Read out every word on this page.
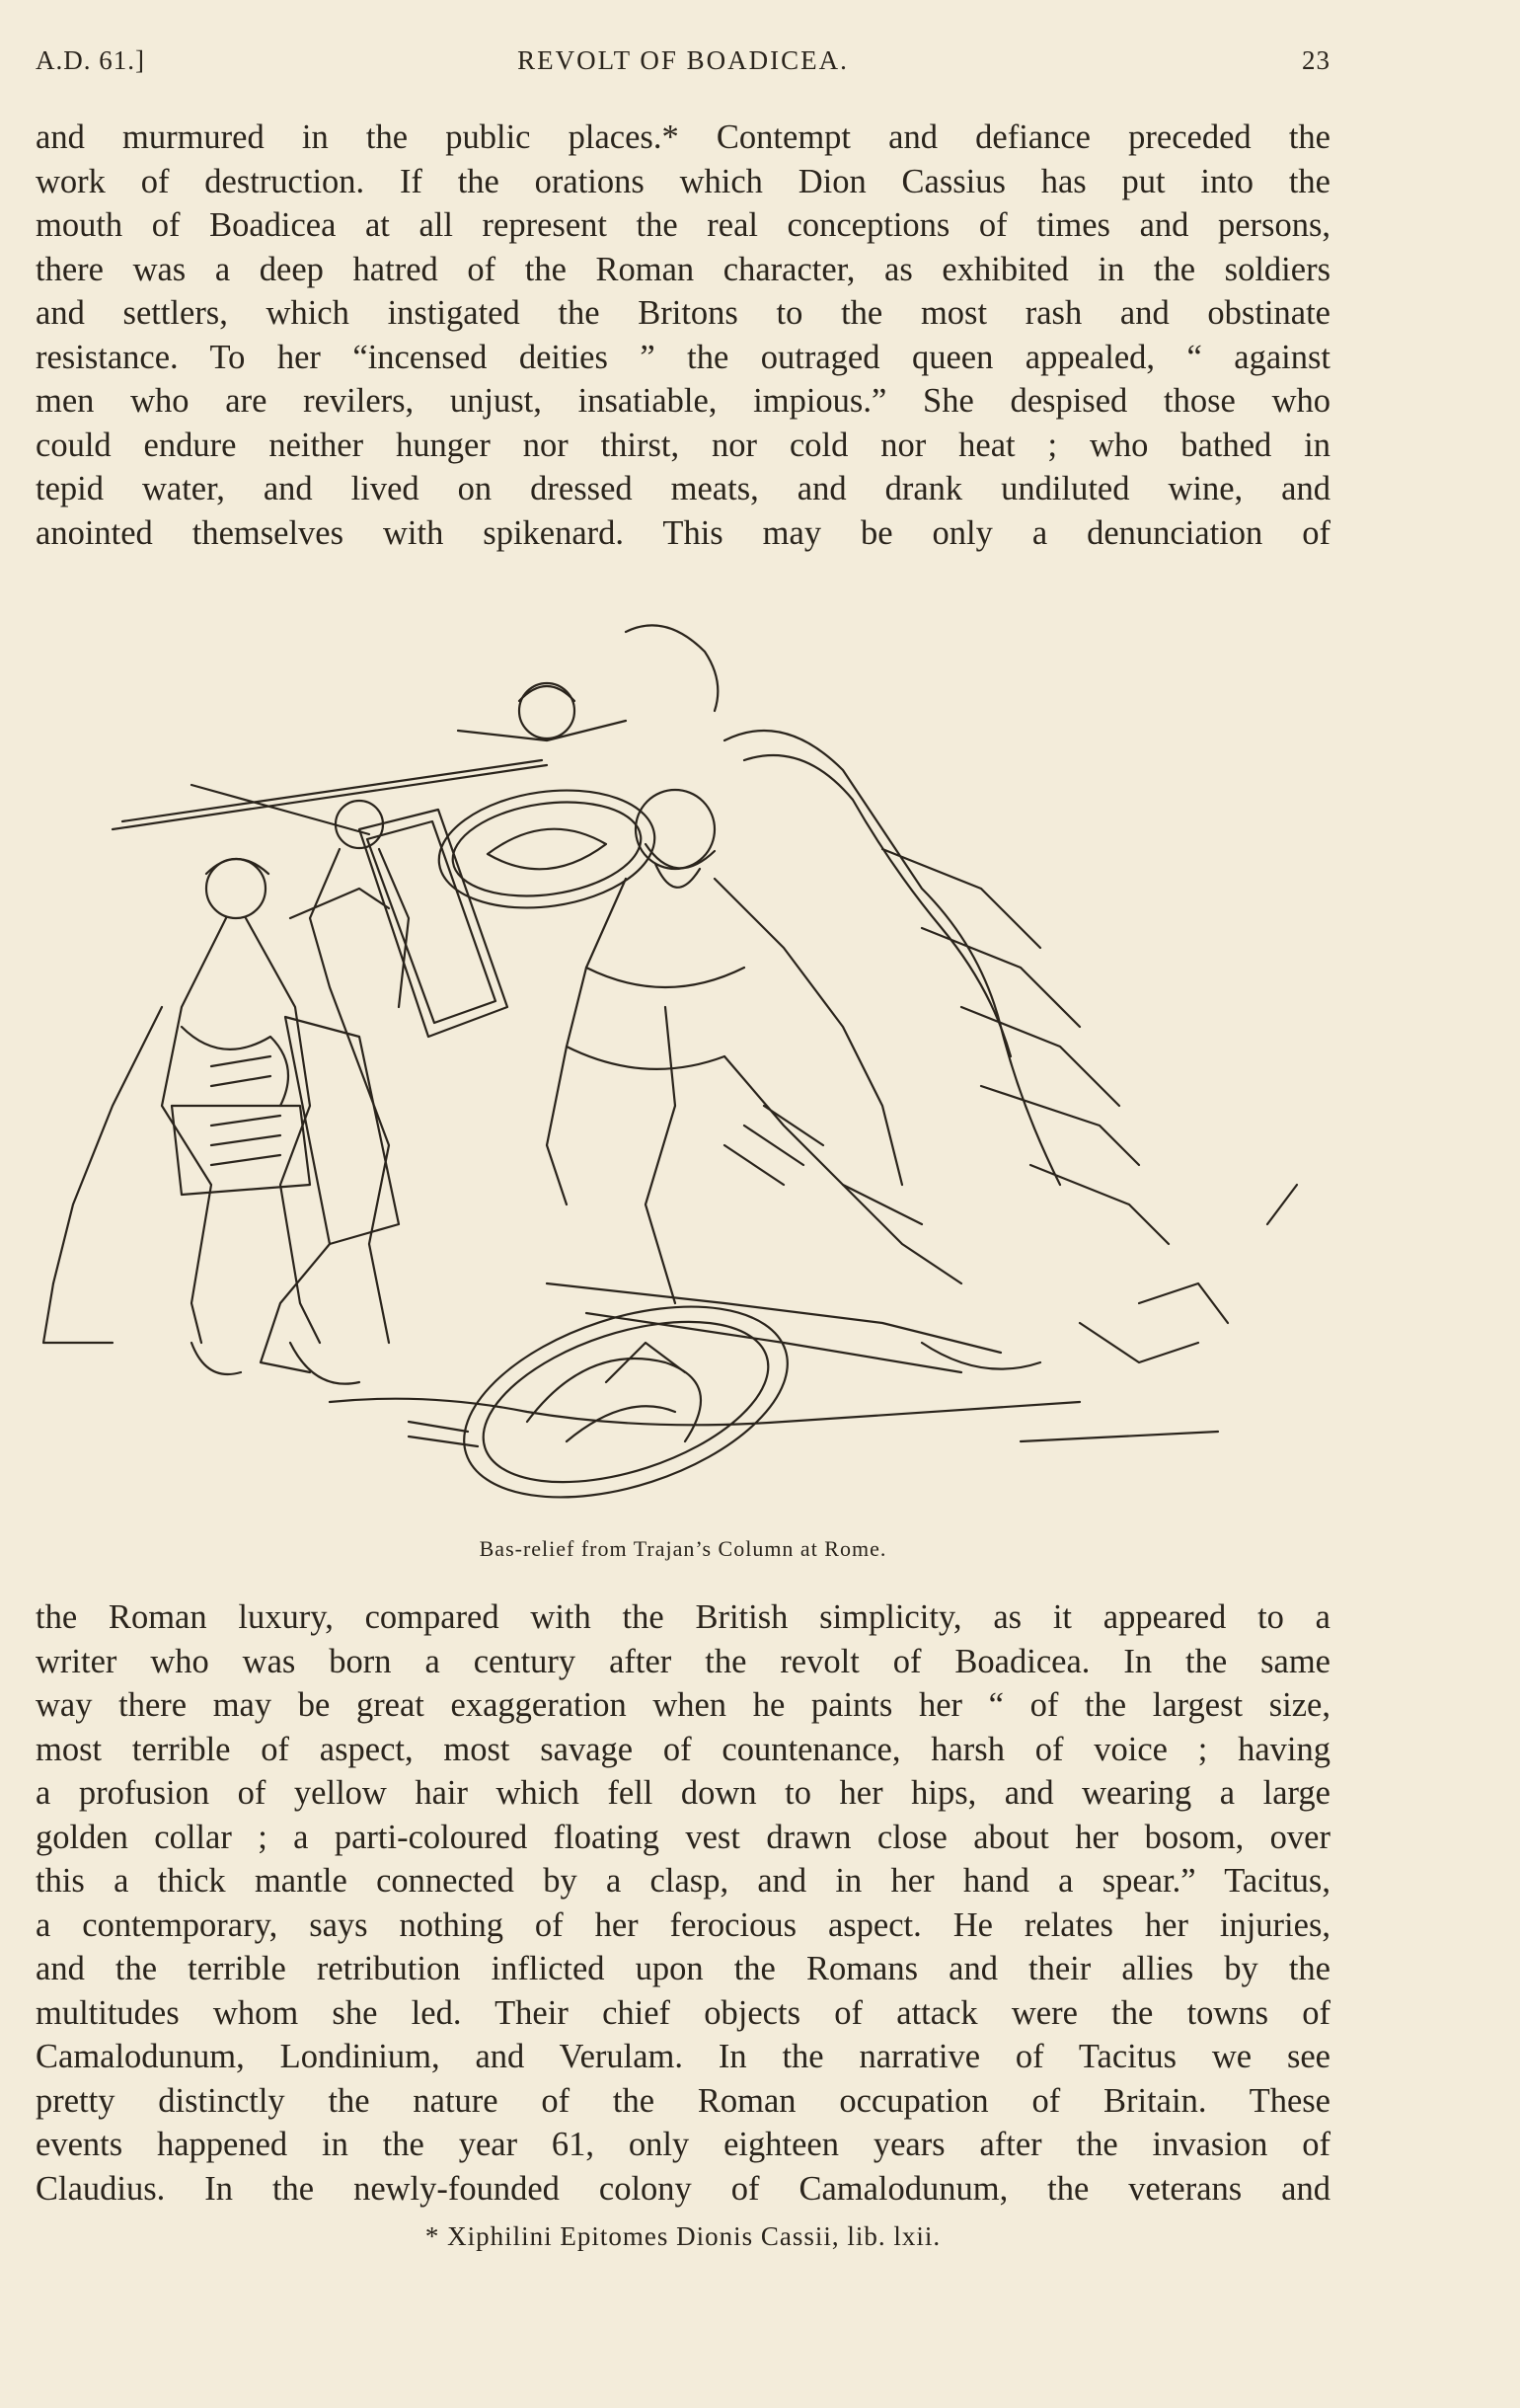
A.D. 61.]	REVOLT OF BOADICEA.	23
and murmured in the public places.* Contempt and defiance preceded the
work of destruction. If the orations which Dion Cassius has put into the
mouth of Boadicea at all represent the real conceptions of times and persons,
there was a deep hatred of the Roman character, as exhibited in the soldiers
and settlers, which instigated the Britons to the most rash and obstinate
resistance. To her “incensed deities ” the outraged queen appealed, “ against
men who are revilers, unjust, insatiable, impious.” She despised those who
could endure neither hunger nor thirst, nor cold nor heat ; who bathed in
tepid water, and lived on dressed meats, and drank undiluted wine, and
anointed themselves with spikenard. This may be only a denunciation of
Bas-relief from Trajan’s Column at Rome.
the Roman luxury, compared with the British simplicity, as it appeared to a
writer who was born a century after the revolt of Boadicea. In the same
way there may be great exaggeration when he paints her “ of the largest size,
most terrible of aspect, most savage of countenance, harsh of voice ; having
a profusion of yellow hair which fell down to her hips, and wearing a large
golden collar ; a parti-coloured floating vest drawn close about her bosom, over
this a thick mantle connected by a clasp, and in her hand a spear.” Tacitus,
a contemporary, says nothing of her ferocious aspect. He relates her injuries,
and the terrible retribution inflicted upon the Romans and their allies by the
multitudes whom she led. Their chief objects of attack were the towns of
Camalodunum, Londinium, and Verulam. In the narrative of Tacitus we see
pretty distinctly the nature of the Roman occupation of Britain. These
events happened in the year 61, only eighteen years after the invasion of
Claudius. In the newly-founded colony of Camalodunum, the veterans and
* Xiphilini Epitomes Dionis Cassii, lib. lxii.
